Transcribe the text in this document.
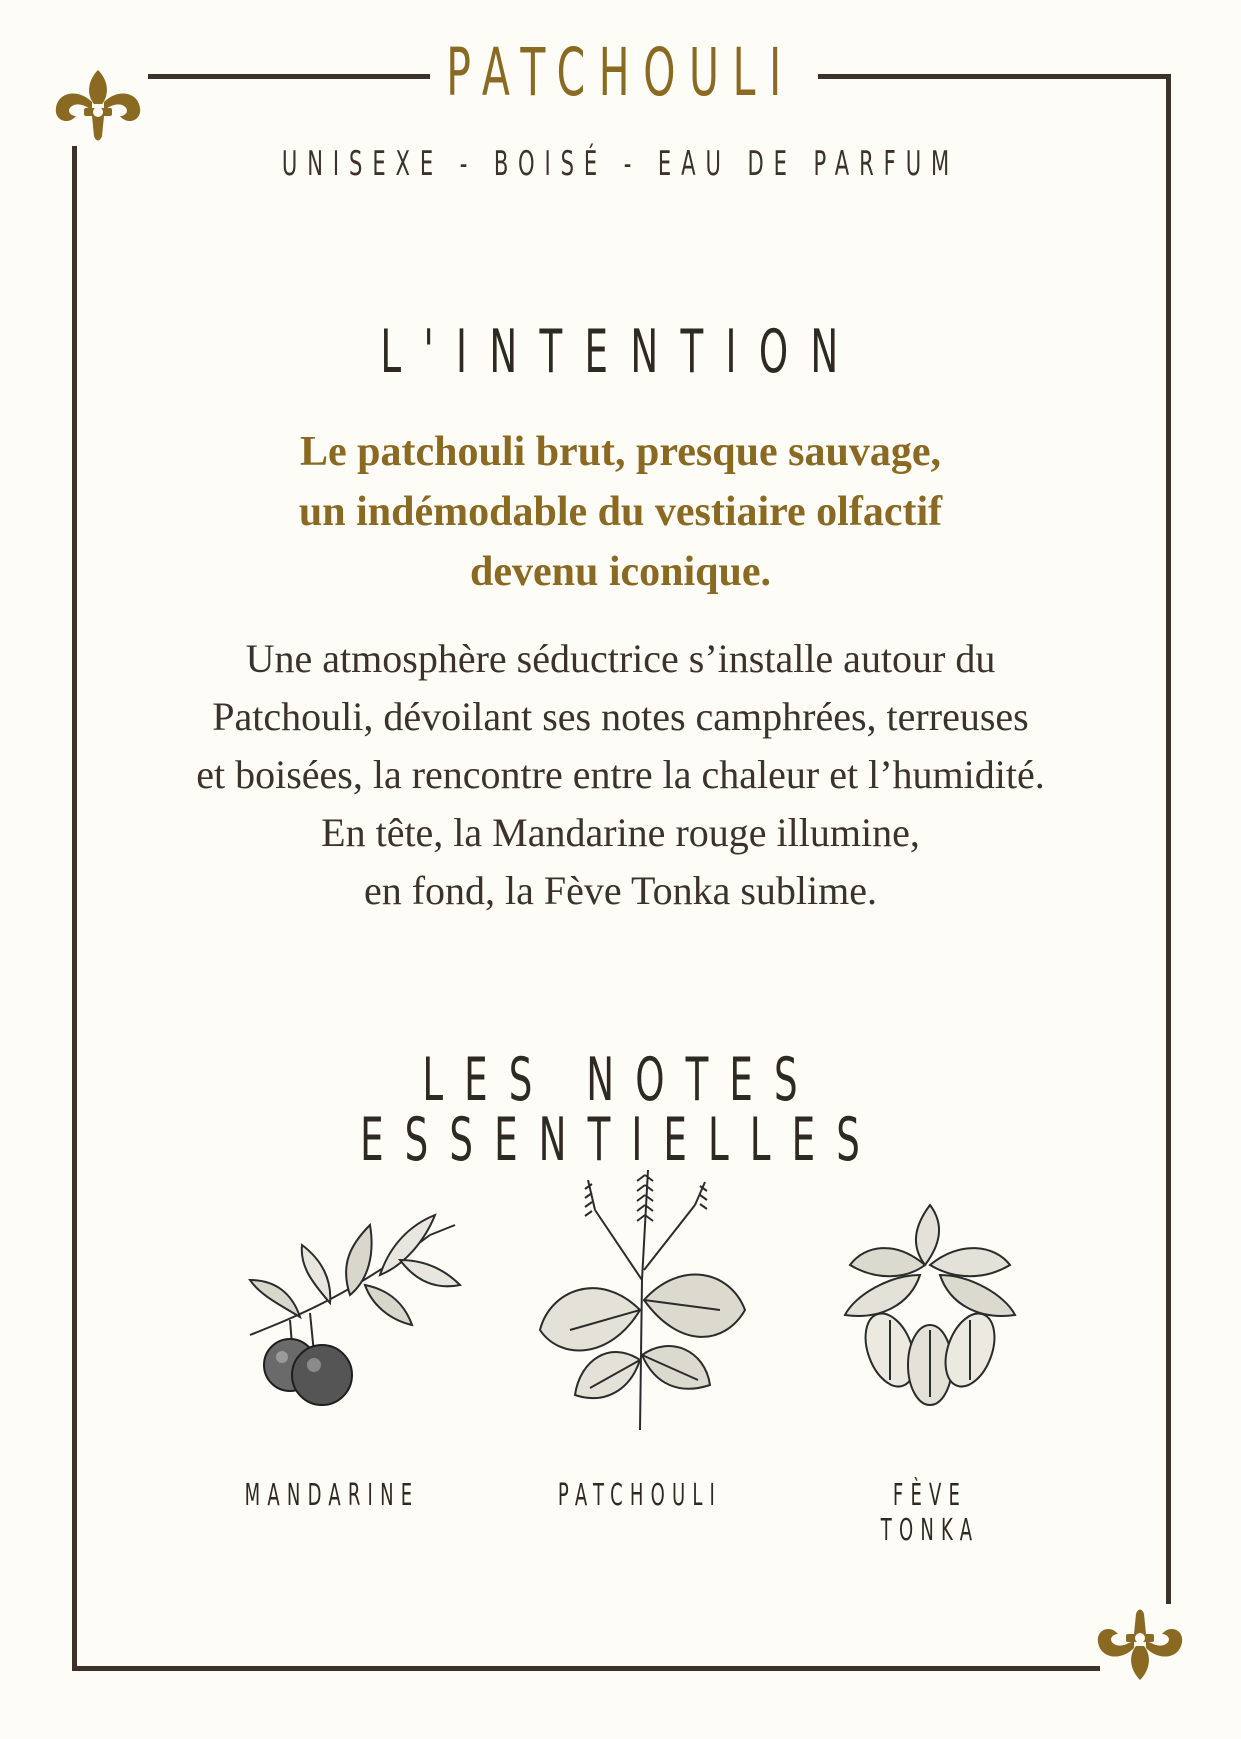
PATCHOULI
UNISEXE - BOISÉ - EAU DE PARFUM
L'INTENTION
Le patchouli brut, presque sauvage,
un indémodable du vestiaire olfactif
devenu iconique.
Une atmosphère séductrice s’installe autour du
Patchouli, dévoilant ses notes camphrées, terreuses
et boisées, la rencontre entre la chaleur et l’humidité.
En tête, la Mandarine rouge illumine,
en fond, la Fève Tonka sublime.
LES NOTES ESSENTIELLES
MANDARINE	PATCHOULI	FÈVE TONKA
